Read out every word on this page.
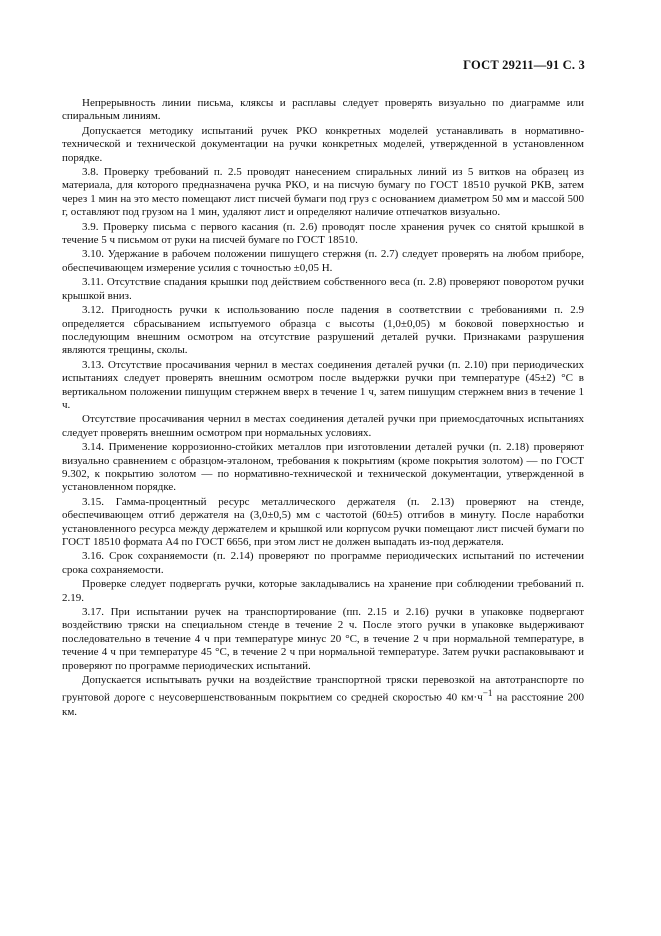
ГОСТ 29211—91 С. 3

Непрерывность линии письма, кляксы и расплавы следует проверять визуально по диаграмме или спиральным линиям.

Допускается методику испытаний ручек РКО конкретных моделей устанавливать в нормативно-технической и технической документации на ручки конкретных моделей, утвержденной в установленном порядке.

3.8. Проверку требований п. 2.5 проводят нанесением спиральных линий из 5 витков на образец из материала, для которого предназначена ручка РКО, и на писчую бумагу по ГОСТ 18510 ручкой РКВ, затем через 1 мин на это место помещают лист писчей бумаги под груз с основанием диаметром 50 мм и массой 500 г, оставляют под грузом на 1 мин, удаляют лист и определяют наличие отпечатков визуально.

3.9. Проверку письма с первого касания (п. 2.6) проводят после хранения ручек со снятой крышкой в течение 5 ч письмом от руки на писчей бумаге по ГОСТ 18510.

3.10. Удержание в рабочем положении пишущего стержня (п. 2.7) следует проверять на любом приборе, обеспечивающем измерение усилия с точностью ±0,05 Н.

3.11. Отсутствие спадания крышки под действием собственного веса (п. 2.8) проверяют поворотом ручки крышкой вниз.

3.12. Пригодность ручки к использованию после падения в соответствии с требованиями п. 2.9 определяется сбрасыванием испытуемого образца с высоты (1,0±0,05) м боковой поверхностью и последующим внешним осмотром на отсутствие разрушений деталей ручки. Признаками разрушения являются трещины, сколы.

3.13. Отсутствие просачивания чернил в местах соединения деталей ручки (п. 2.10) при периодических испытаниях следует проверять внешним осмотром после выдержки ручки при температуре (45±2) °С в вертикальном положении пишущим стержнем вверх в течение 1 ч, затем пишущим стержнем вниз в течение 1 ч.

Отсутствие просачивания чернил в местах соединения деталей ручки при приемосдаточных испытаниях следует проверять внешним осмотром при нормальных условиях.

3.14. Применение коррозионно-стойких металлов при изготовлении деталей ручки (п. 2.18) проверяют визуально сравнением с образцом-эталоном, требования к покрытиям (кроме покрытия золотом) — по ГОСТ 9.302, к покрытию золотом — по нормативно-технической и технической документации, утвержденной в установленном порядке.

3.15. Гамма-процентный ресурс металлического держателя (п. 2.13) проверяют на стенде, обеспечивающем отгиб держателя на (3,0±0,5) мм с частотой (60±5) отгибов в минуту. После наработки установленного ресурса между держателем и крышкой или корпусом ручки помещают лист писчей бумаги по ГОСТ 18510 формата А4 по ГОСТ 6656, при этом лист не должен выпадать из-под держателя.

3.16. Срок сохраняемости (п. 2.14) проверяют по программе периодических испытаний по истечении срока сохраняемости.

Проверке следует подвергать ручки, которые закладывались на хранение при соблюдении требований п. 2.19.

3.17. При испытании ручек на транспортирование (пп. 2.15 и 2.16) ручки в упаковке подвергают воздействию тряски на специальном стенде в течение 2 ч. После этого ручки в упаковке выдерживают последовательно в течение 4 ч при температуре минус 20 °С, в течение 2 ч при нормальной температуре, в течение 4 ч при температуре 45 °С, в течение 2 ч при нормальной температуре. Затем ручки распаковывают и проверяют по программе периодических испытаний.

Допускается испытывать ручки на воздействие транспортной тряски перевозкой на автотранспорте по грунтовой дороге с неусовершенствованным покрытием со средней скоростью 40 $км\cdot ч^{-1}$ на расстояние 200 км.
